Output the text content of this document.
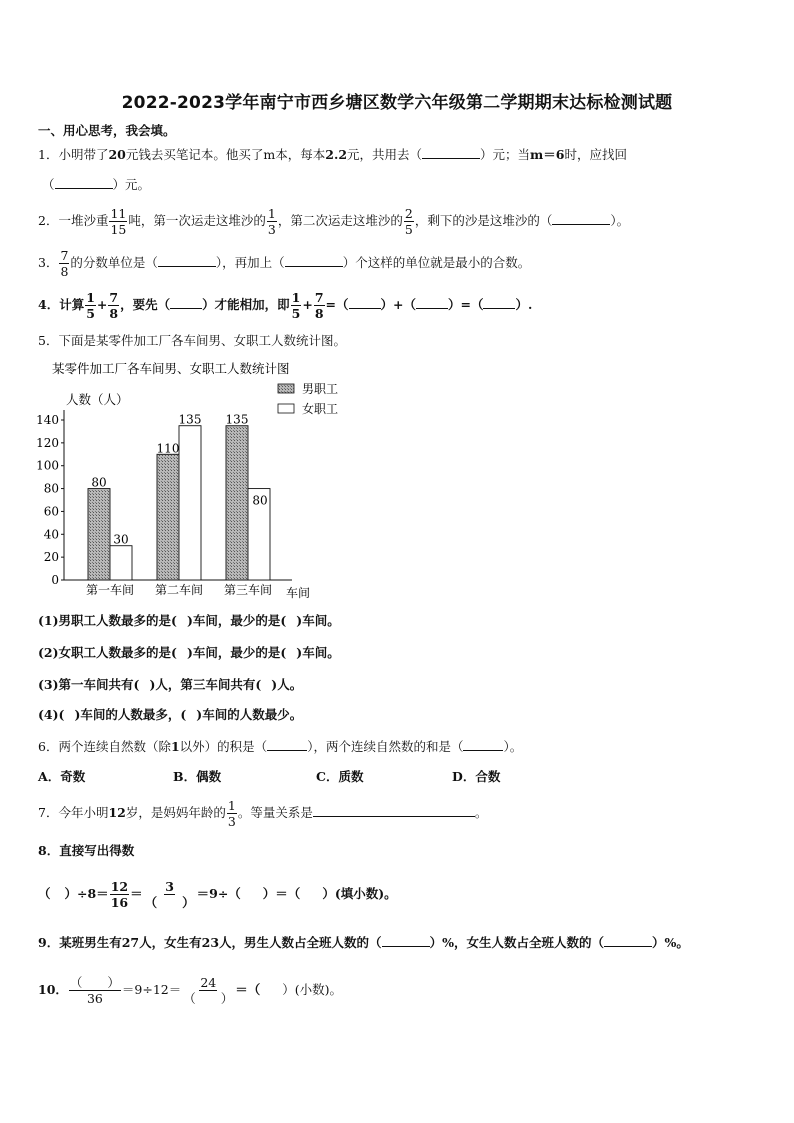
2022-2023学年南宁市西乡塘区数学六年级第二学期期末达标检测试题
一、用心思考，我会填。
1．小明带了20元钱去买笔记本。他买了m本，每本2.2元，共用去（	）元；当m＝6时，应找回
（	）元。
2．一堆沙重 $\frac{11}{15}$ 吨，第一次运走这堆沙的 $\frac{1}{3}$ ，第二次运走这堆沙的 $\frac{2}{5}$ ，剩下的沙是这堆沙的（	）。
3． $\frac{7}{8}$ 的分数单位是（	），再加上（	）个这样的单位就是最小的合数。
4．计算 $\frac{1}{5} + \frac{7}{8}$ ，要先（	）才能相加，即 $\frac{1}{5} + \frac{7}{8}$ =（	）+（	）=（	）.
5．下面是某零件加工厂各车间男、女职工人数统计图。
某零件加工厂各车间男、女职工人数统计图
人数（人）
车间
0
20
40
60
80
100
120
140
80
30
110
135 135
80
第一车间 第二车间 第三车间
男职工
女职工
(1)男职工人数最多的是( )车间，最少的是( )车间。
(2)女职工人数最多的是( )车间，最少的是( )车间。
(3)第一车间共有( )人，第三车间共有( )人。
(4)( )车间的人数最多，( )车间的人数最少。
6．两个连续自然数（除1以外）的积是（	），两个连续自然数的和是（	）。
A．奇数	B．偶数	C．质数	D．合数
7．今年小明12岁，是妈妈年龄的 $\frac{1}{3}$ 。等量关系是	。
8．直接写出得数
（ ）$\div 8= \frac{12}{16} = \frac{3}{( )} =9\div$（ ）＝（ ）(填小数)。
9．某班男生有27人，女生有23人，男生人数占全班人数的（	）%，女生人数占全班人数的（	）%。
10． $\frac{( )}{36} =9\div 12= \frac{24}{( )}$ ＝（ ）(小数)。
